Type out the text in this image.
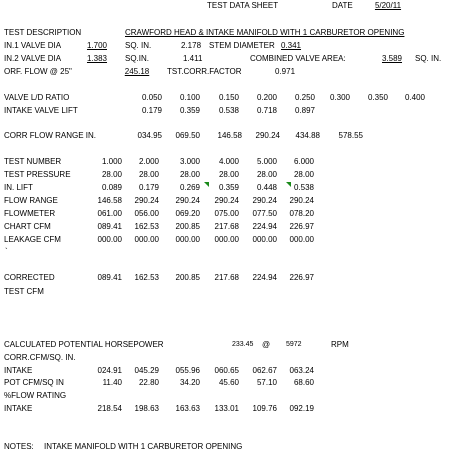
TEST DATA SHEET	DATE	5/20/11
TEST DESCRIPTION	CRAWFORD HEAD & INTAKE MANIFOLD WITH 1 CARBURETOR OPENING
IN.1 VALVE DIA	1.700 SQ. IN.	2.178 STEM DIAMETER 0.341
IN.2 VALVE DIA	1.383 SQ.IN.	1.411	COMBINED VALVE AREA:	3.589	SQ. IN.
ORF. FLOW @ 25"	245.18	TST.CORR.FACTOR	0.971
VALVE L/D RATIO	0.050	0.100	0.150	0.200	0.250	0.300	0.350	0.400
INTAKE VALVE LIFT	0.179	0.359	0.538	0.718	0.897
CORR FLOW RANGE IN.	034.95	069.50	146.58	290.24	434.88	578.55
TEST NUMBER	1.000	2.000	3.000	4.000	5.000	6.000
TEST PRESSURE	28.00	28.00	28.00	28.00	28.00	28.00
IN. LIFT	0.089	0.179	0.269	0.359	0.448	0.538
FLOW RANGE	146.58	290.24	290.24	290.24	290.24	290.24
FLOWMETER	061.00	056.00	069.20	075.00	077.50	078.20
CHART CFM	089.41	162.53	200.85	217.68	224.94	226.97
LEAKAGE CFM	000.00	000.00	000.00	000.00	000.00	000.00
`
CORRECTED
TEST CFM
089.41	162.53	200.85	217.68	224.94	226.97
CALCULATED POTENTIAL HORSEPOWER	233.45 @ 5972	RPM
CORR.CFM/SQ. IN.
INTAKE	024.91	045.29	055.96	060.65	062.67	063.24
POT CFM/SQ IN	11.40	22.80	34.20	45.60	57.10	68.60
%FLOW RATING
INTAKE	218.54	198.63	163.63	133.01	109.76	092.19
NOTES: INTAKE MANIFOLD WITH 1 CARBURETOR OPENING
